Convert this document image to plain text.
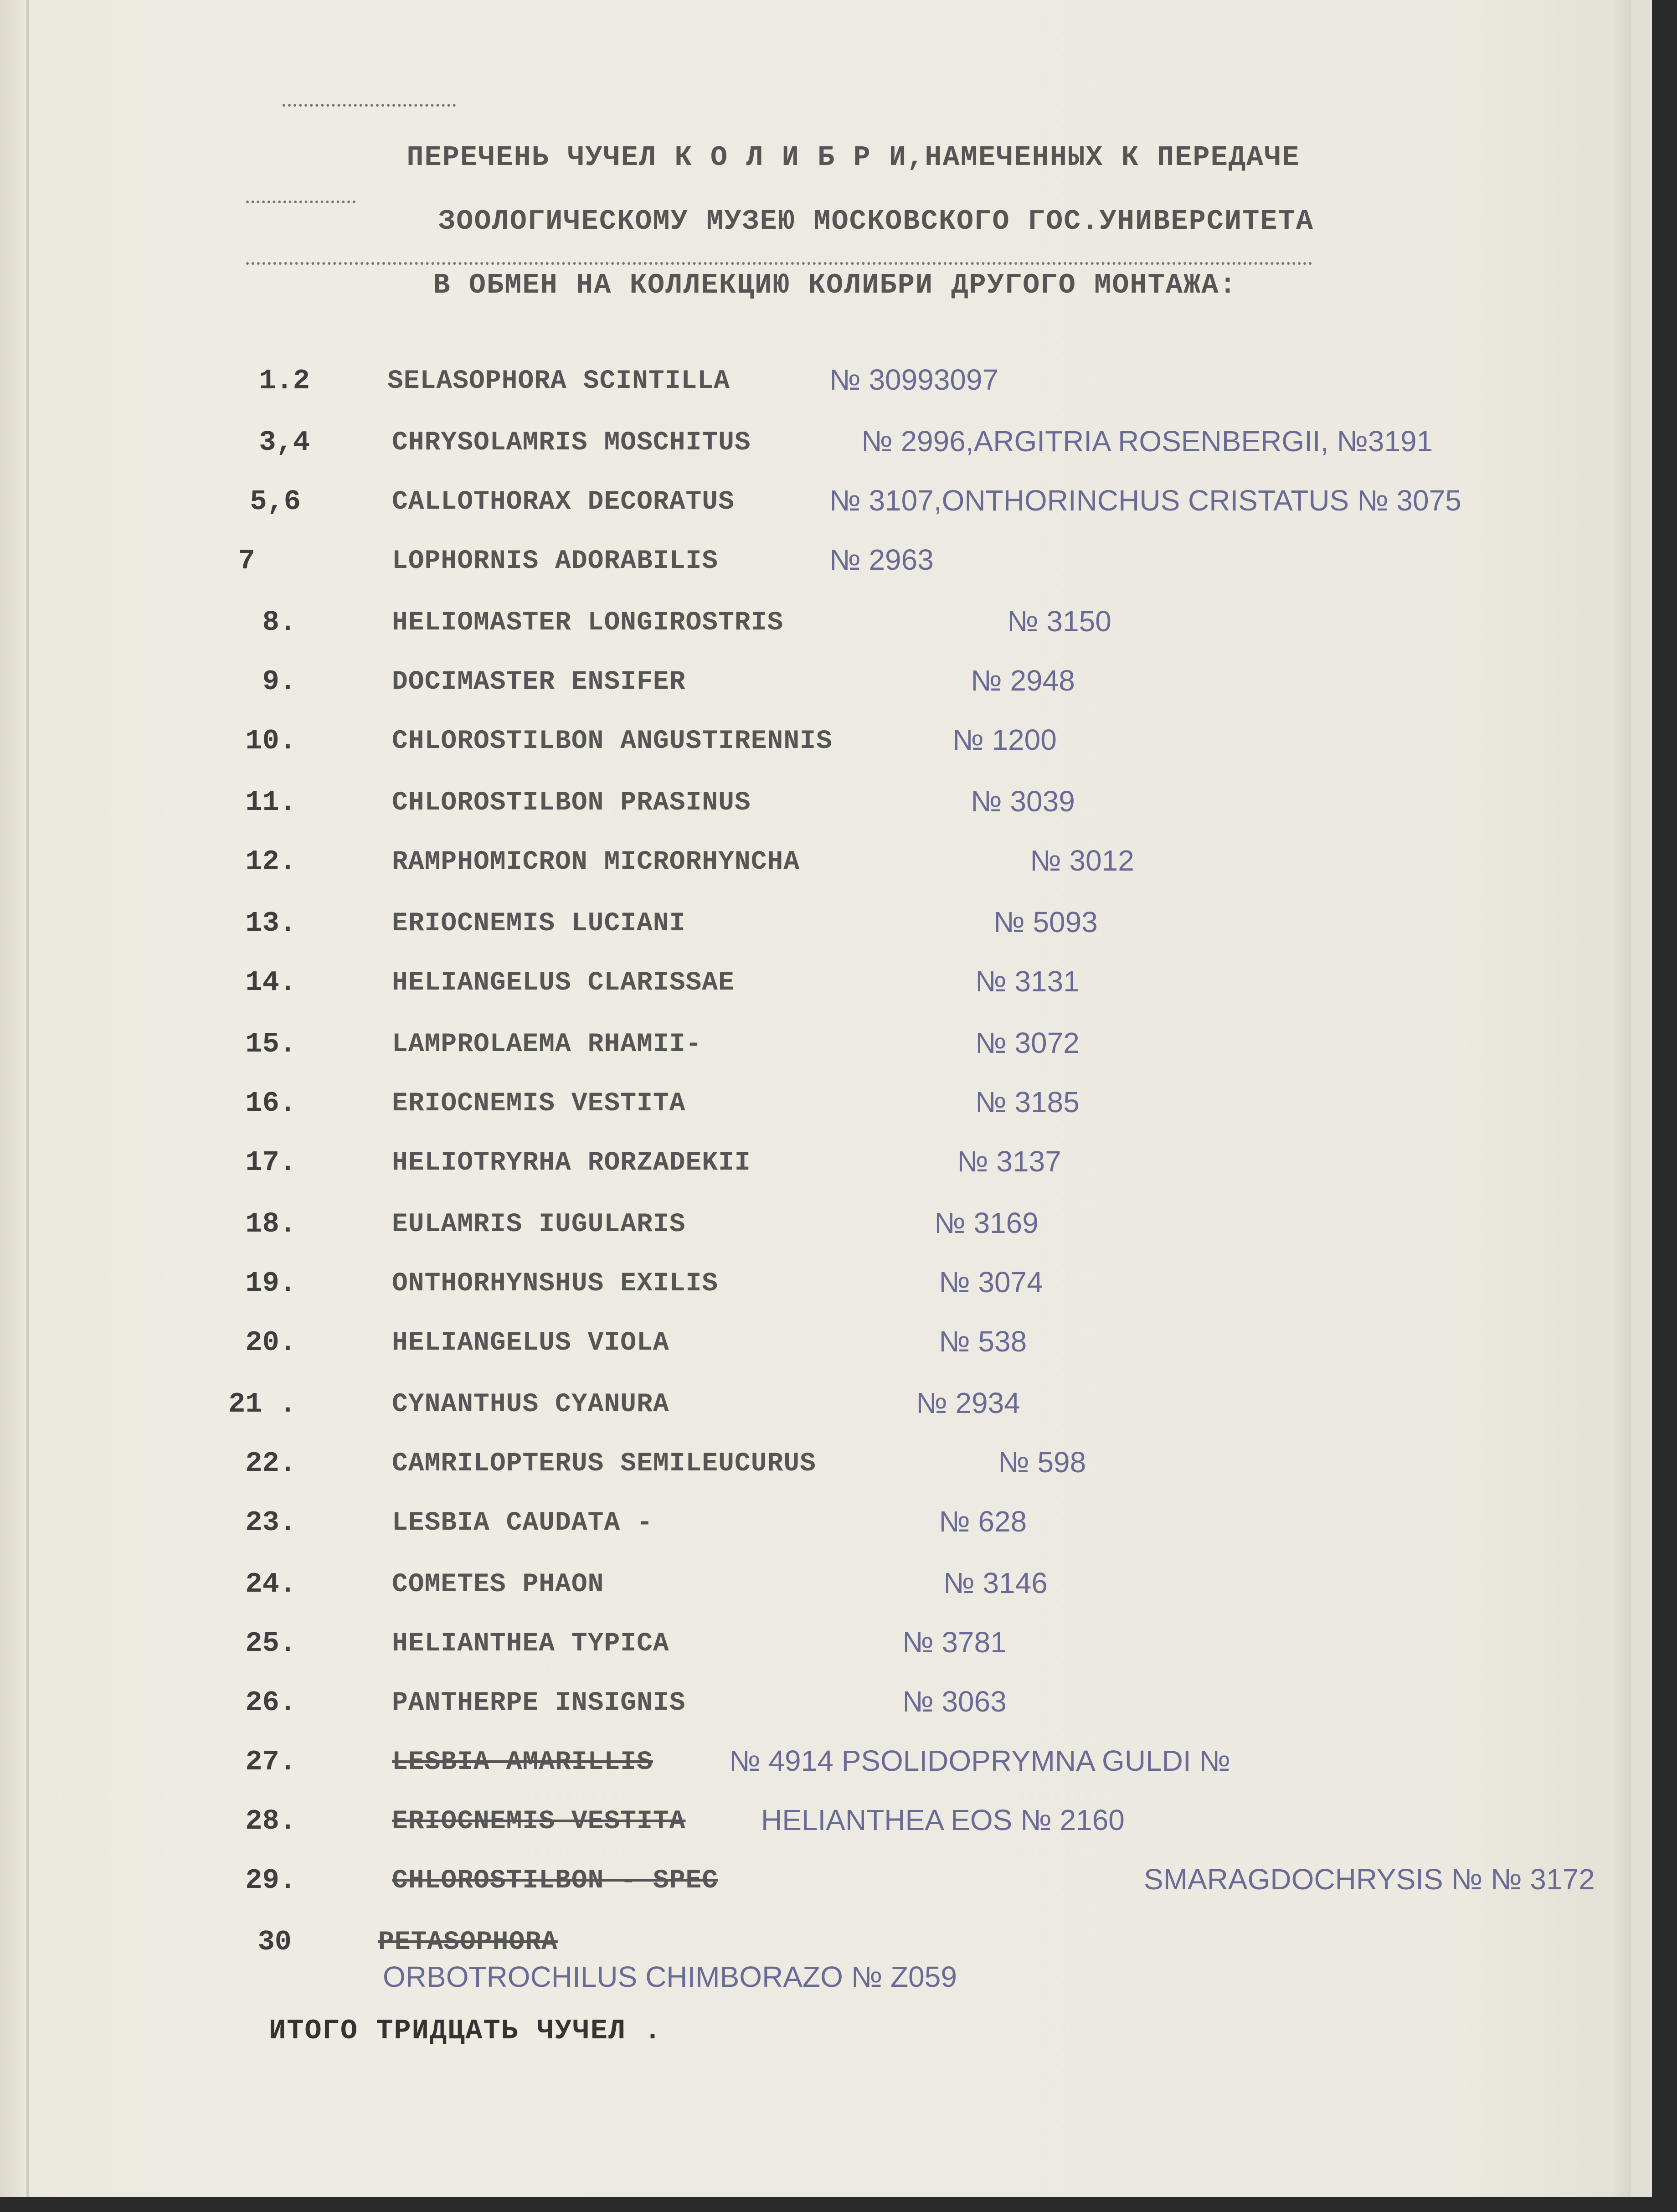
ПЕРЕЧЕНЬ ЧУЧЕЛ К О Л И Б Р И,НАМЕЧЕННЫХ К ПЕРЕДАЧЕ
ЗООЛОГИЧЕСКОМУ МУЗЕЮ МОСКОВСКОГО ГОС.УНИВЕРСИТЕТА
В ОБМЕН НА КОЛЛЕКЦИЮ КОЛИБРИ ДРУГОГО МОНТАЖА:
1.2	SELASOPHORA SCINTILLA	№ 30993097
3,4	CHRYSOLAMRIS MOSCHITUS	№ 2996,ARGITRIA ROSENBERGII, №3191
5,6	CALLOTHORAX DECORATUS	№ 3107,ONTHORINCHUS CRISTATUS № 3075
7	LOPHORNIS ADORABILIS	№ 2963
8.	HELIOMASTER LONGIROSTRIS	№ 3150
9.	DOCIMASTER ENSIFER	№ 2948
10.	CHLOROSTILBON ANGUSTIRENNIS	№ 1200
11.	CHLOROSTILBON PRASINUS	№ 3039
12.	RAMPHOMICRON MICRORHYNCHA	№ 3012
13.	ERIOCNEMIS LUCIANI	№ 5093
14.	HELIANGELUS CLARISSAE	№ 3131
15.	LAMPROLAEMA RHAMII-	№ 3072
16.	ERIOCNEMIS VESTITA	№ 3185
17.	HELIOTRYRHA RORZADEKII	№ 3137
18.	EULAMRIS IUGULARIS	№ 3169
19.	ONTHORHYNSHUS EXILIS	№ 3074
20.	HELIANGELUS VIOLA	№ 538
21 .	CYNANTHUS CYANURA	№ 2934
22.	CAMRILOPTERUS SEMILEUCURUS	№ 598
23.	LESBIA CAUDATA -	№ 628
24.	COMETES PHAON	№ 3146
25.	HELIANTHEA TYPICA	№ 3781
26.	PANTHERPE INSIGNIS	№ 3063
27.	LESBIA AMARILLIS	№ 4914 PSOLIDOPRYMNA GULDI №
28.	ERIOCNEMIS VESTITA	HELIANTHEA EOS № 2160
29.	CHLOROSTILBON - SPEC	SMARAGDOCHRYSIS № № 3172
30	PETASOPHORA
ORBOTROCHILUS CHIMBORAZO № Z059
ИТОГО ТРИДЦАТЬ ЧУЧЕЛ .
